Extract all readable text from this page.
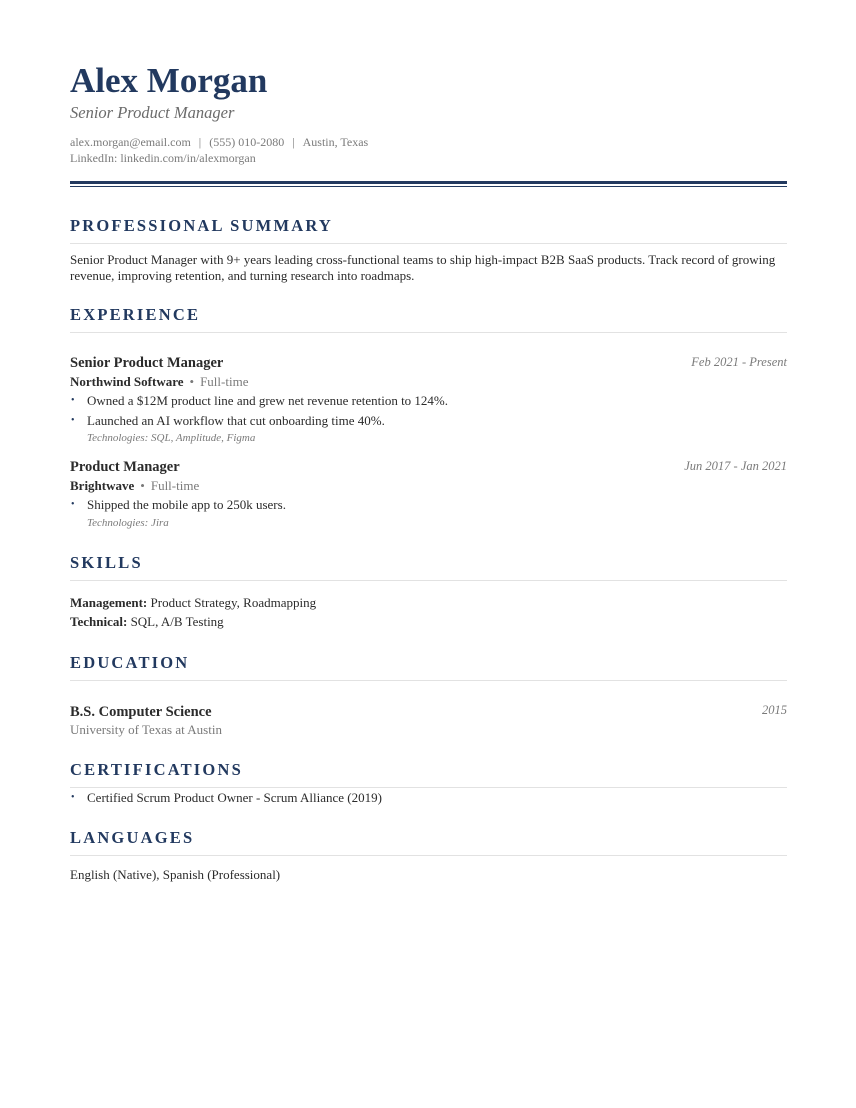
Alex Morgan
Senior Product Manager
alex.morgan@email.com | (555) 010-2080 | Austin, Texas
LinkedIn: linkedin.com/in/alexmorgan
PROFESSIONAL SUMMARY
Senior Product Manager with 9+ years leading cross-functional teams to ship high-impact B2B SaaS products. Track record of growing revenue, improving retention, and turning research into roadmaps.
EXPERIENCE
Senior Product Manager	Feb 2021 - Present
Northwind Software • Full-time
• Owned a $12M product line and grew net revenue retention to 124%.
• Launched an AI workflow that cut onboarding time 40%.
Technologies: SQL, Amplitude, Figma
Product Manager	Jun 2017 - Jan 2021
Brightwave • Full-time
• Shipped the mobile app to 250k users.
Technologies: Jira
SKILLS
Management: Product Strategy, Roadmapping
Technical: SQL, A/B Testing
EDUCATION
B.S. Computer Science
University of Texas at Austin
2015
CERTIFICATIONS
• Certified Scrum Product Owner - Scrum Alliance (2019)
LANGUAGES
English (Native), Spanish (Professional)
